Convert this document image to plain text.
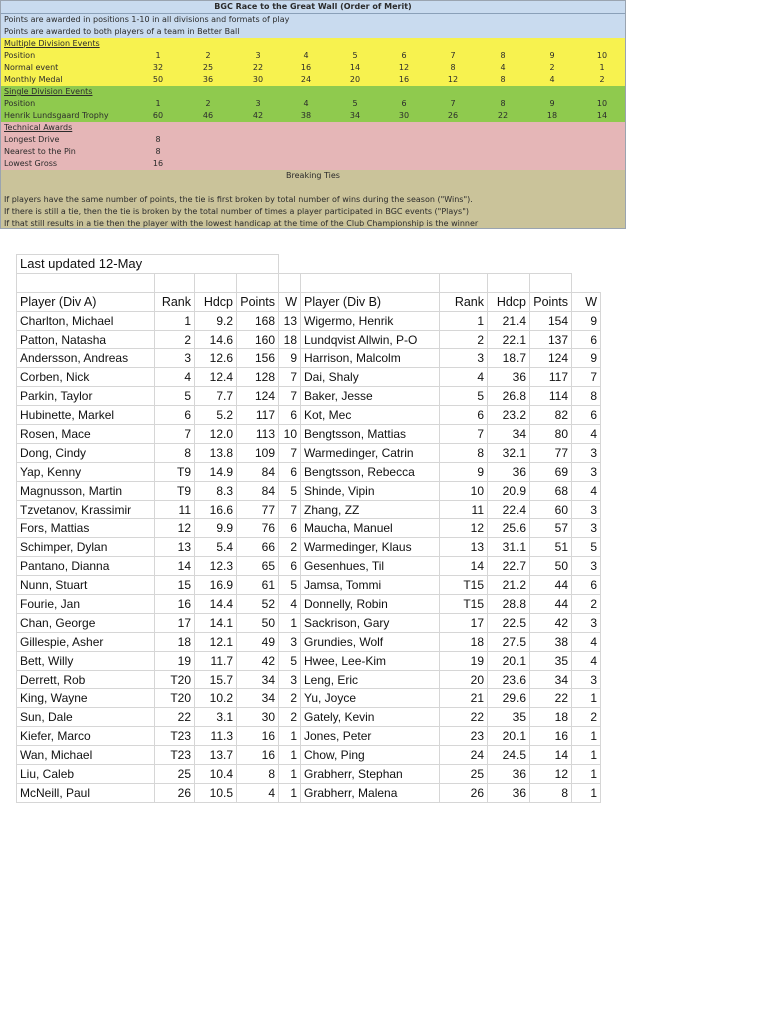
BGC Race to the Great Wall (Order of Merit)
Points are awarded in positions 1-10 in all divisions and formats of play
Points are awarded to both players of a team in Better Ball
Multiple Division Events
Position	1	2	3	4	5	6	7	8	9	10
Normal event	32	25	22	16	14	12	8	4	2	1
Monthly Medal	50	36	30	24	20	16	12	8	4	2
Single Division Events
Position	1	2	3	4	5	6	7	8	9	10
Henrik Lundsgaard Trophy	60	46	42	38	34	30	26	22	18	14
Technical Awards
Longest Drive	8
Nearest to the Pin	8
Lowest Gross	16
Breaking Ties
If players have the same number of points, the tie is first broken by total number of wins during the season ("Wins").
If there is still a tie, then the tie is broken by the total number of times a player participated in BGC events ("Plays")
If that still results in a tie then the player with the lowest handicap at the time of the Club Championship is the winner
Last updated 12-May									

Player (Div A)	Rank	Hdcp	Points	W	Player (Div B)	Rank	Hdcp	Points	W
Charlton, Michael	1	9.2	168	13	Wigermo, Henrik	1	21.4	154	9
Patton, Natasha	2	14.6	160	18	Lundqvist Allwin, P-O	2	22.1	137	6
Andersson, Andreas	3	12.6	156	9	Harrison, Malcolm	3	18.7	124	9
Corben, Nick	4	12.4	128	7	Dai, Shaly	4	36	117	7
Parkin, Taylor	5	7.7	124	7	Baker, Jesse	5	26.8	114	8
Hubinette, Markel	6	5.2	117	6	Kot, Mec	6	23.2	82	6
Rosen, Mace	7	12.0	113	10	Bengtsson, Mattias	7	34	80	4
Dong, Cindy	8	13.8	109	7	Warmedinger, Catrin	8	32.1	77	3
Yap, Kenny	T9	14.9	84	6	Bengtsson, Rebecca	9	36	69	3
Magnusson, Martin	T9	8.3	84	5	Shinde, Vipin	10	20.9	68	4
Tzvetanov, Krassimir	11	16.6	77	7	Zhang, ZZ	11	22.4	60	3
Fors, Mattias	12	9.9	76	6	Maucha, Manuel	12	25.6	57	3
Schimper, Dylan	13	5.4	66	2	Warmedinger, Klaus	13	31.1	51	5
Pantano, Dianna	14	12.3	65	6	Gesenhues, Til	14	22.7	50	3
Nunn, Stuart	15	16.9	61	5	Jamsa, Tommi	T15	21.2	44	6
Fourie, Jan	16	14.4	52	4	Donnelly, Robin	T15	28.8	44	2
Chan, George	17	14.1	50	1	Sackrison, Gary	17	22.5	42	3
Gillespie, Asher	18	12.1	49	3	Grundies, Wolf	18	27.5	38	4
Bett, Willy	19	11.7	42	5	Hwee, Lee-Kim	19	20.1	35	4
Derrett, Rob	T20	15.7	34	3	Leng, Eric	20	23.6	34	3
King, Wayne	T20	10.2	34	2	Yu, Joyce	21	29.6	22	1
Sun, Dale	22	3.1	30	2	Gately, Kevin	22	35	18	2
Kiefer, Marco	T23	11.3	16	1	Jones, Peter	23	20.1	16	1
Wan, Michael	T23	13.7	16	1	Chow, Ping	24	24.5	14	1
Liu, Caleb	25	10.4	8	1	Grabherr, Stephan	25	36	12	1
McNeill, Paul	26	10.5	4	1	Grabherr, Malena	26	36	8	1
